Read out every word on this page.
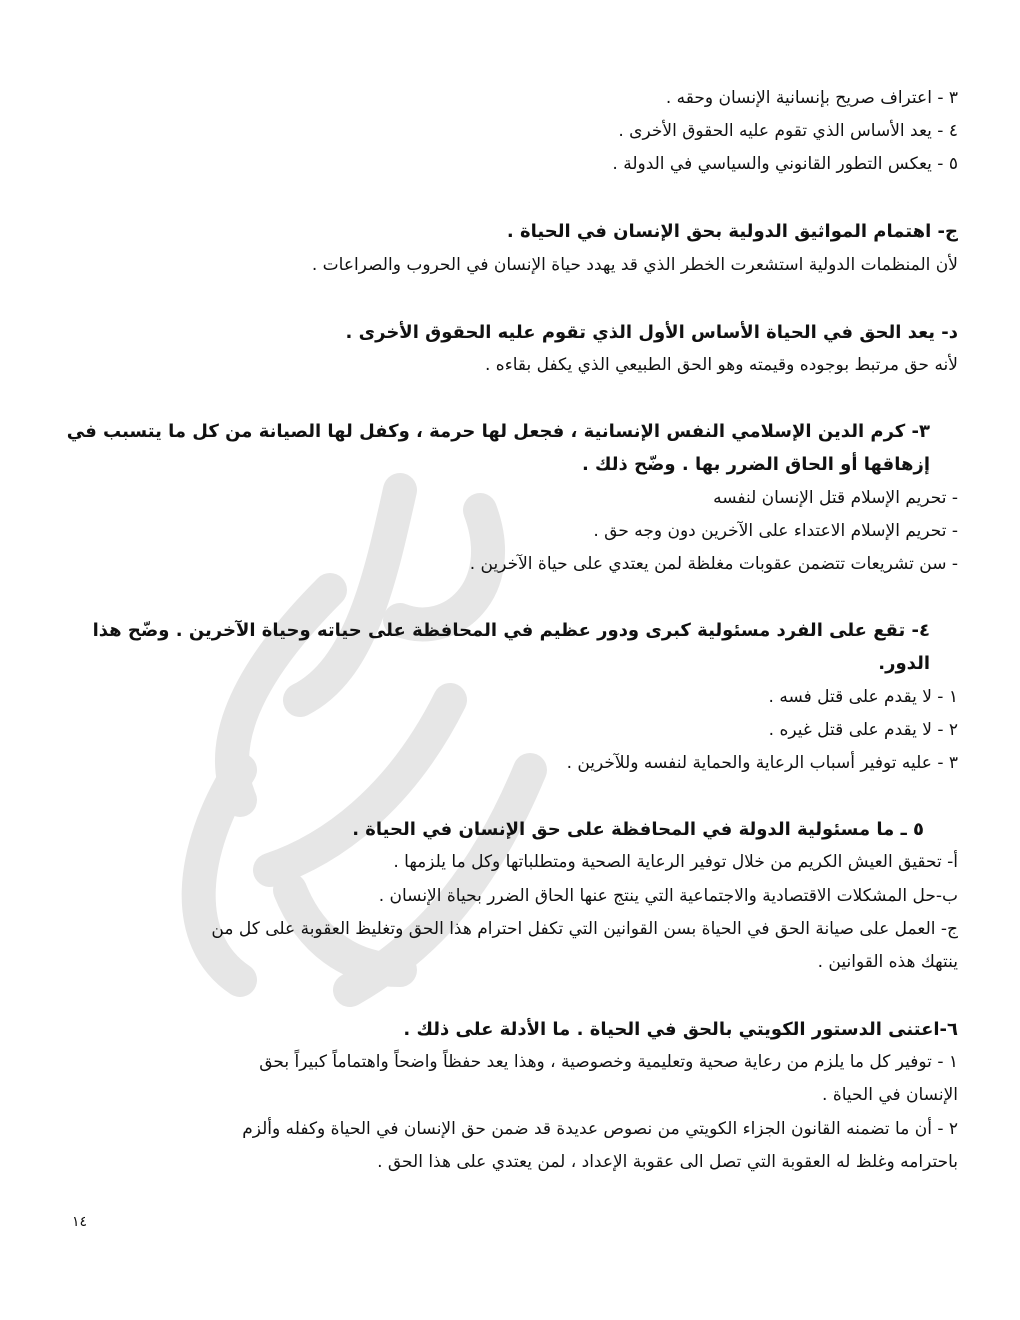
٣ - اعتراف صريح بإنسانية الإنسان وحقه .
٤ - يعد الأساس الذي تقوم عليه الحقوق الأخرى .
٥ - يعكس التطور القانوني والسياسي في الدولة .
ج- اهتمام المواثيق الدولية بحق الإنسان في الحياة .
لأن المنظمات الدولية استشعرت الخطر الذي قد يهدد حياة الإنسان في الحروب والصراعات .
د- يعد الحق في الحياة الأساس الأول الذي تقوم عليه الحقوق الأخرى .
لأنه حق مرتبط بوجوده وقيمته وهو الحق الطبيعي الذي يكفل بقاءه .
٣- كرم الدين الإسلامي النفس الإنسانية ، فجعل لها حرمة ، وكفل لها الصيانة من كل ما يتسبب في
إزهاقها أو الحاق الضرر بها . وضّح ذلك .
- تحريم الإسلام قتل الإنسان لنفسه
- تحريم الإسلام الاعتداء على الآخرين دون وجه حق .
- سن تشريعات تتضمن عقوبات مغلظة لمن يعتدي على حياة الآخرين .
٤- تقع على الفرد مسئولية كبرى ودور عظيم في المحافظة على حياته وحياة الآخرين . وضّح هذا
الدور.
١ - لا يقدم على قتل فسه .
٢ - لا يقدم على قتل غيره .
٣ - عليه توفير أسباب الرعاية والحماية لنفسه وللآخرين .
٥ ـ ما مسئولية الدولة في المحافظة على حق الإنسان في الحياة .
أ- تحقيق العيش الكريم من خلال توفير الرعاية الصحية ومتطلباتها وكل ما يلزمها .
ب-حل المشكلات الاقتصادية والاجتماعية التي ينتج عنها الحاق الضرر بحياة الإنسان .
ج- العمل على صيانة الحق في الحياة بسن القوانين التي تكفل احترام هذا الحق وتغليظ العقوبة على كل من
ينتهك هذه القوانين .
٦-اعتنى الدستور الكويتي بالحق في الحياة . ما الأدلة على ذلك .
١ - توفير كل ما يلزم من رعاية صحية وتعليمية وخصوصية ، وهذا يعد حفظاً واضحاً واهتماماً كبيراً بحق
الإنسان في الحياة .
٢ - أن ما تضمنه القانون الجزاء الكويتي من نصوص عديدة قد ضمن حق الإنسان في الحياة وكفله وألزم
باحترامه وغلظ له العقوبة التي تصل الى عقوبة الإعداد ، لمن يعتدي على هذا الحق .
١٤
